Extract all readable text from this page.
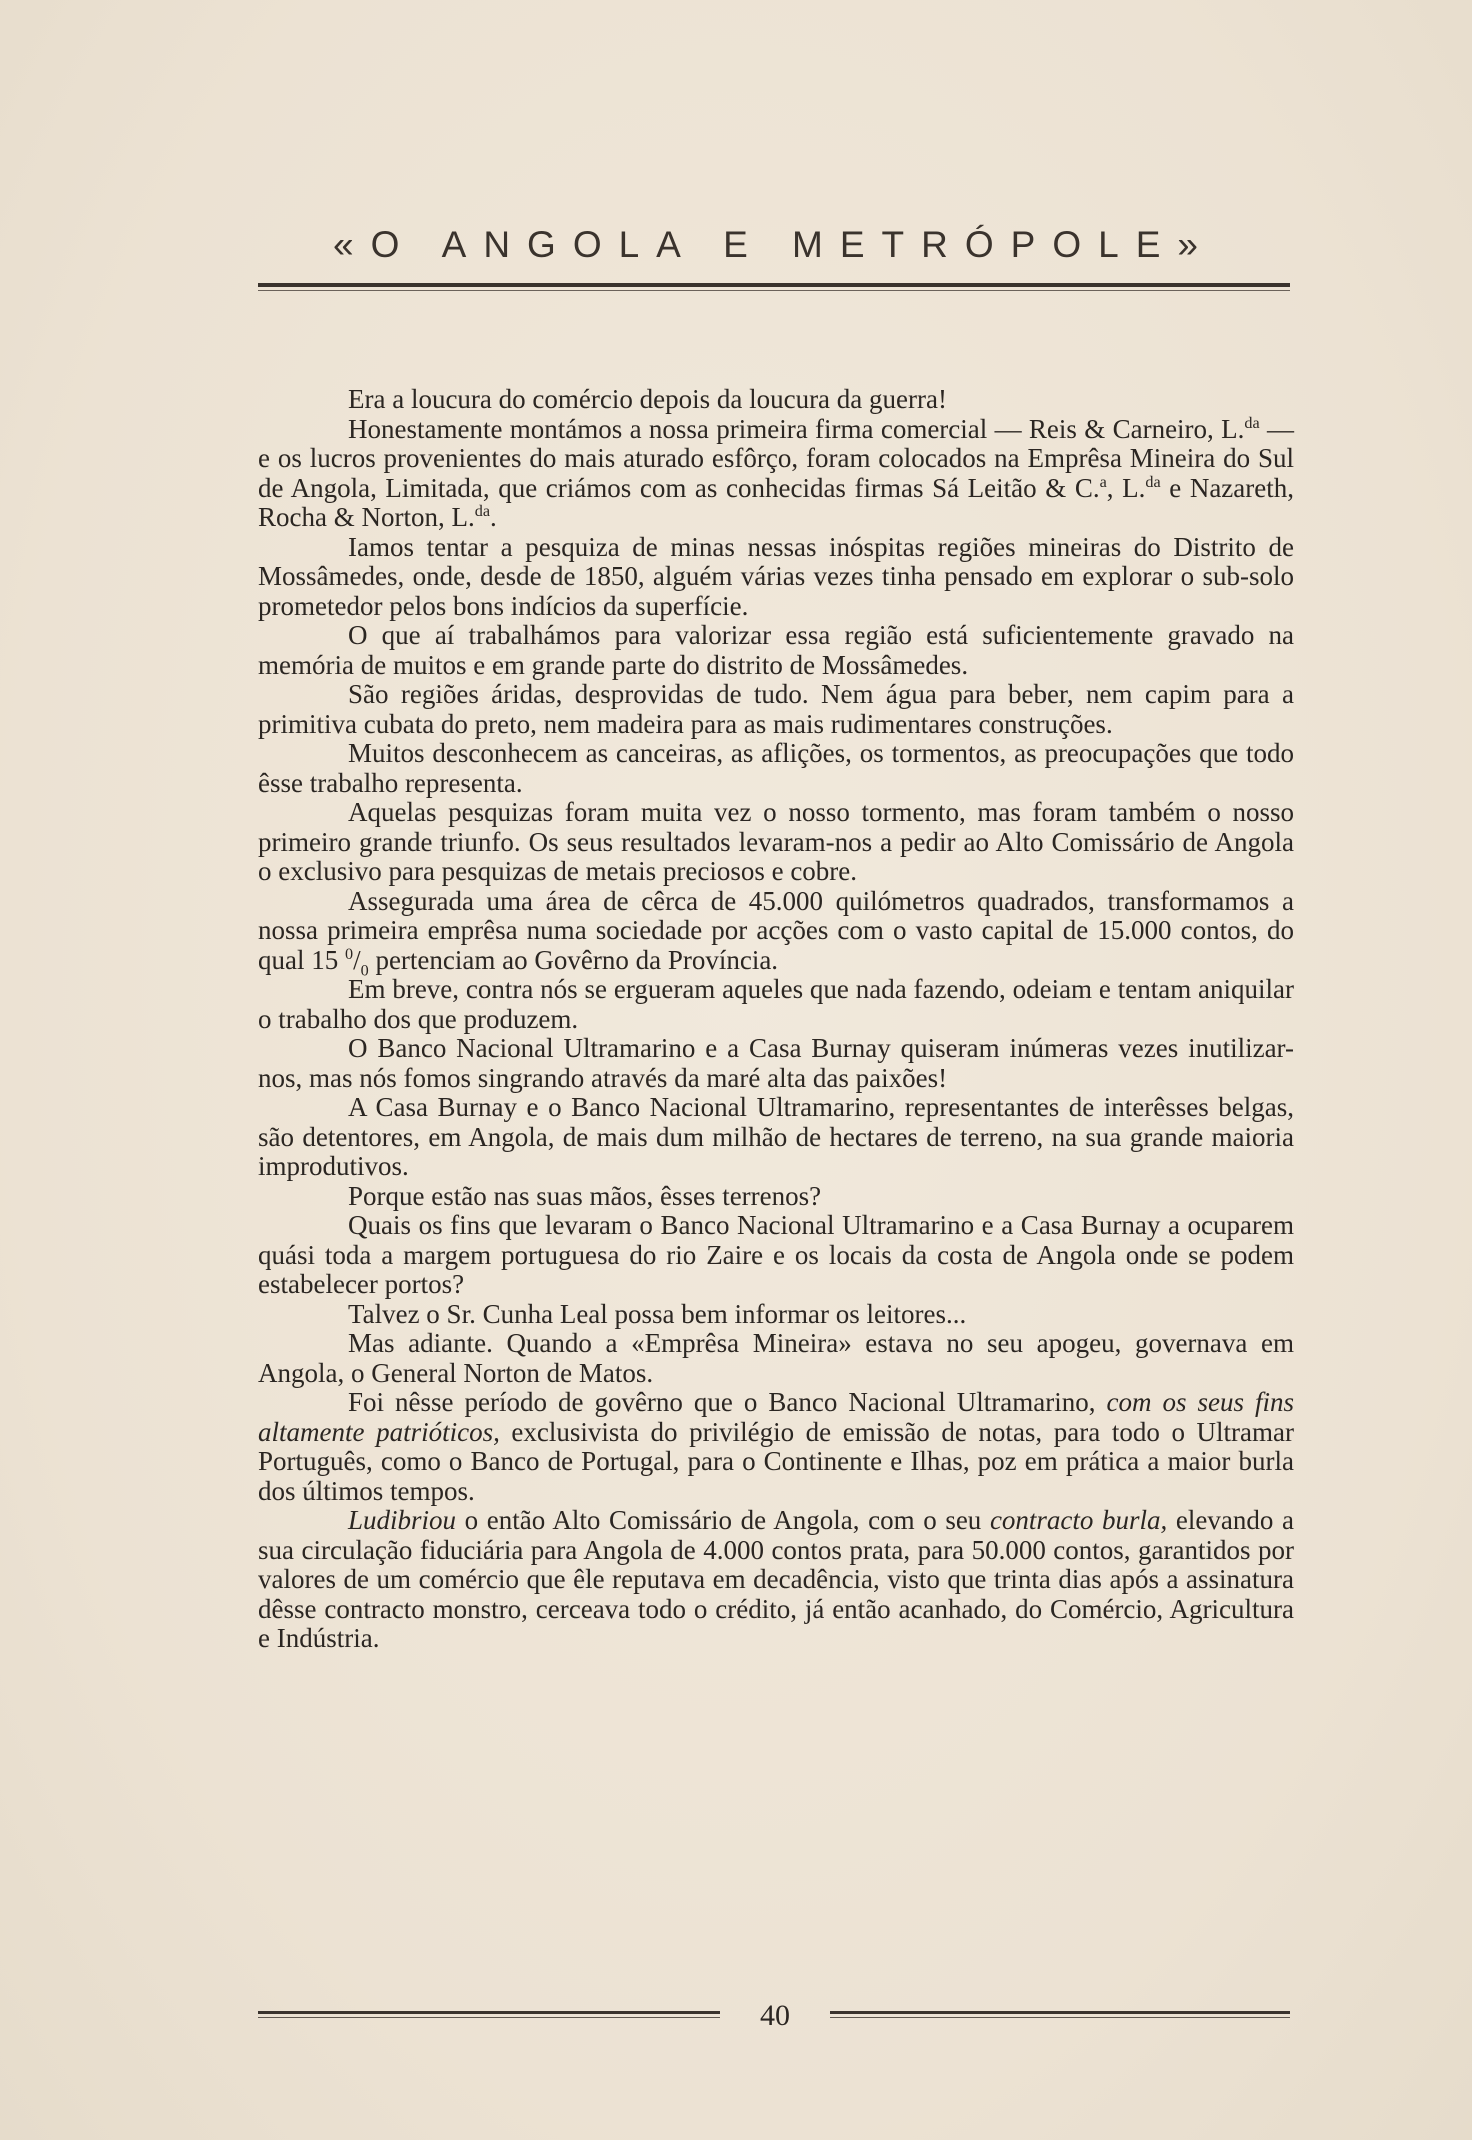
«O ANGOLA E METRÓPOLE»

Era a loucura do comércio depois da loucura da guerra!

Honestamente montámos a nossa primeira firma comercial — Reis & Carneiro, L.$^{da}$ — e os lucros provenientes do mais aturado esfôrço, foram colocados na Emprêsa Mineira do Sul de Angola, Limitada, que criámos com as conhecidas firmas Sá Leitão & C.$^a$, L.$^{da}$ e Nazareth, Rocha & Norton, L.$^{da}$.

Iamos tentar a pesquiza de minas nessas inóspitas regiões mineiras do Distrito de Mossâmedes, onde, desde de 1850, alguém várias vezes tinha pensado em explorar o sub-solo prometedor pelos bons indícios da superfície.

O que aí trabalhámos para valorizar essa região está suficientemente gravado na memória de muitos e em grande parte do distrito de Mossâmedes.

São regiões áridas, desprovidas de tudo. Nem água para beber, nem capim para a primitiva cubata do preto, nem madeira para as mais rudimentares construções.

Muitos desconhecem as canceiras, as aflições, os tormentos, as preocupações que todo êsse trabalho representa.

Aquelas pesquizas foram muita vez o nosso tormento, mas foram também o nosso primeiro grande triunfo. Os seus resultados levaram-nos a pedir ao Alto Comissário de Angola o exclusivo para pesquizas de metais preciosos e cobre.

Assegurada uma área de cêrca de 45.000 quilómetros quadrados, transformamos a nossa primeira emprêsa numa sociedade por acções com o vasto capital de 15.000 contos, do qual 15 $^0/_0$ pertenciam ao Govêrno da Província.

Em breve, contra nós se ergueram aqueles que nada fazendo, odeiam e tentam aniquilar o trabalho dos que produzem.

O Banco Nacional Ultramarino e a Casa Burnay quiseram inúmeras vezes inutilizar-nos, mas nós fomos singrando através da maré alta das paixões!

A Casa Burnay e o Banco Nacional Ultramarino, representantes de interêsses belgas, são detentores, em Angola, de mais dum milhão de hectares de terreno, na sua grande maioria improdutivos.

Porque estão nas suas mãos, êsses terrenos?

Quais os fins que levaram o Banco Nacional Ultramarino e a Casa Burnay a ocuparem quási toda a margem portuguesa do rio Zaire e os locais da costa de Angola onde se podem estabelecer portos?

Talvez o Sr. Cunha Leal possa bem informar os leitores...

Mas adiante. Quando a «Emprêsa Mineira» estava no seu apogeu, governava em Angola, o General Norton de Matos.

Foi nêsse período de govêrno que o Banco Nacional Ultramarino, com os seus fins altamente patrióticos, exclusivista do privilégio de emissão de notas, para todo o Ultramar Português, como o Banco de Portugal, para o Continente e Ilhas, poz em prática a maior burla dos últimos tempos.

Ludibriou o então Alto Comissário de Angola, com o seu contracto burla, elevando a sua circulação fiduciária para Angola de 4.000 contos prata, para 50.000 contos, garantidos por valores de um comércio que êle reputava em decadência, visto que trinta dias após a assinatura dêsse contracto monstro, cerceava todo o crédito, já então acanhado, do Comércio, Agricultura e Indústria.

40
